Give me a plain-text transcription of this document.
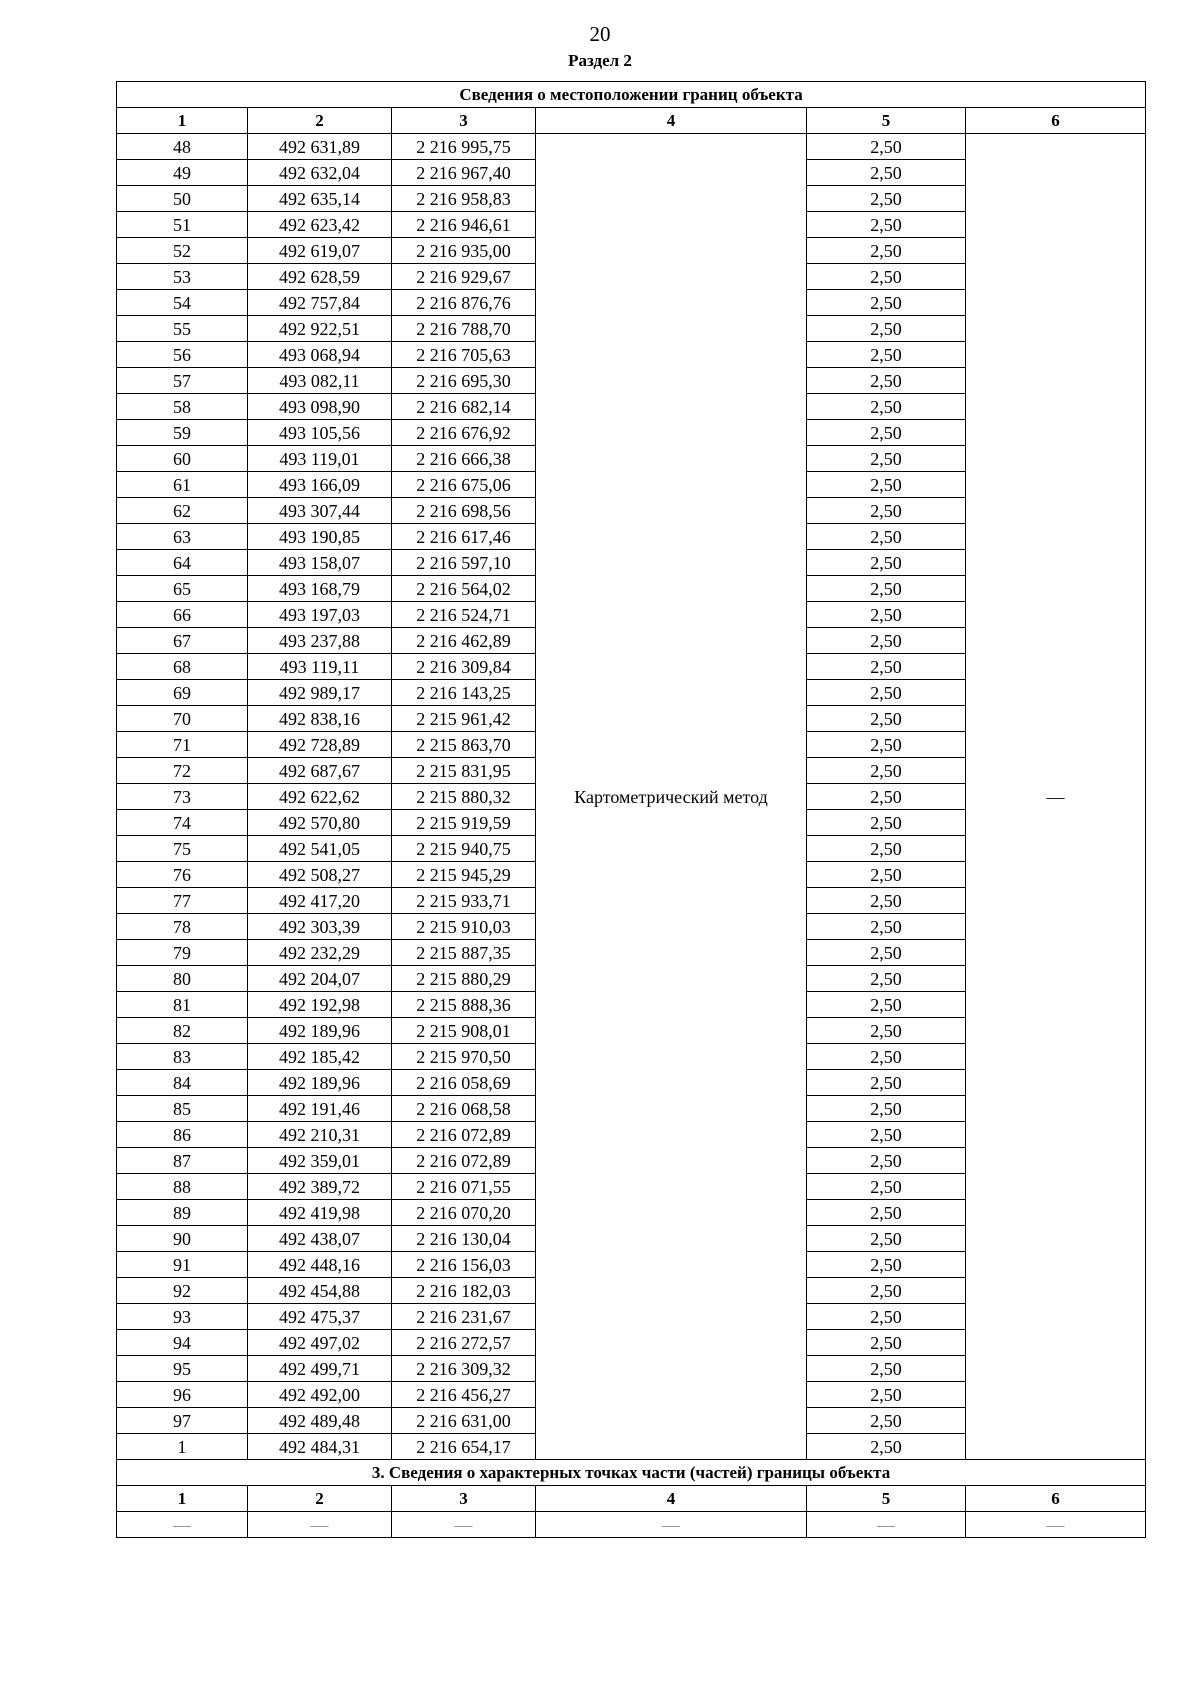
20
Раздел 2
Сведения о местоположении границ объекта					
1	2	3	4	5	6
48	492 631,89	2 216 995,75	Картометрический метод	2,50	—
49	492 632,04	2 216 967,40		2,50	
50	492 635,14	2 216 958,83		2,50	
51	492 623,42	2 216 946,61		2,50	
52	492 619,07	2 216 935,00		2,50	
53	492 628,59	2 216 929,67		2,50	
54	492 757,84	2 216 876,76		2,50	
55	492 922,51	2 216 788,70		2,50	
56	493 068,94	2 216 705,63		2,50	
57	493 082,11	2 216 695,30		2,50	
58	493 098,90	2 216 682,14		2,50	
59	493 105,56	2 216 676,92		2,50	
60	493 119,01	2 216 666,38		2,50	
61	493 166,09	2 216 675,06		2,50	
62	493 307,44	2 216 698,56		2,50	
63	493 190,85	2 216 617,46		2,50	
64	493 158,07	2 216 597,10		2,50	
65	493 168,79	2 216 564,02		2,50	
66	493 197,03	2 216 524,71		2,50	
67	493 237,88	2 216 462,89		2,50	
68	493 119,11	2 216 309,84		2,50	
69	492 989,17	2 216 143,25		2,50	
70	492 838,16	2 215 961,42		2,50	
71	492 728,89	2 215 863,70		2,50	
72	492 687,67	2 215 831,95		2,50	
73	492 622,62	2 215 880,32		2,50	
74	492 570,80	2 215 919,59		2,50	
75	492 541,05	2 215 940,75		2,50	
76	492 508,27	2 215 945,29		2,50	
77	492 417,20	2 215 933,71		2,50	
78	492 303,39	2 215 910,03		2,50	
79	492 232,29	2 215 887,35		2,50	
80	492 204,07	2 215 880,29		2,50	
81	492 192,98	2 215 888,36		2,50	
82	492 189,96	2 215 908,01		2,50	
83	492 185,42	2 215 970,50		2,50	
84	492 189,96	2 216 058,69		2,50	
85	492 191,46	2 216 068,58		2,50	
86	492 210,31	2 216 072,89		2,50	
87	492 359,01	2 216 072,89		2,50	
88	492 389,72	2 216 071,55		2,50	
89	492 419,98	2 216 070,20		2,50	
90	492 438,07	2 216 130,04		2,50	
91	492 448,16	2 216 156,03		2,50	
92	492 454,88	2 216 182,03		2,50	
93	492 475,37	2 216 231,67		2,50	
94	492 497,02	2 216 272,57		2,50	
95	492 499,71	2 216 309,32		2,50	
96	492 492,00	2 216 456,27		2,50	
97	492 489,48	2 216 631,00		2,50	
1	492 484,31	2 216 654,17		2,50	
3. Сведения о характерных точках части (частей) границы объекта					
1	2	3	4	5	6
—	—	—	—	—	—
